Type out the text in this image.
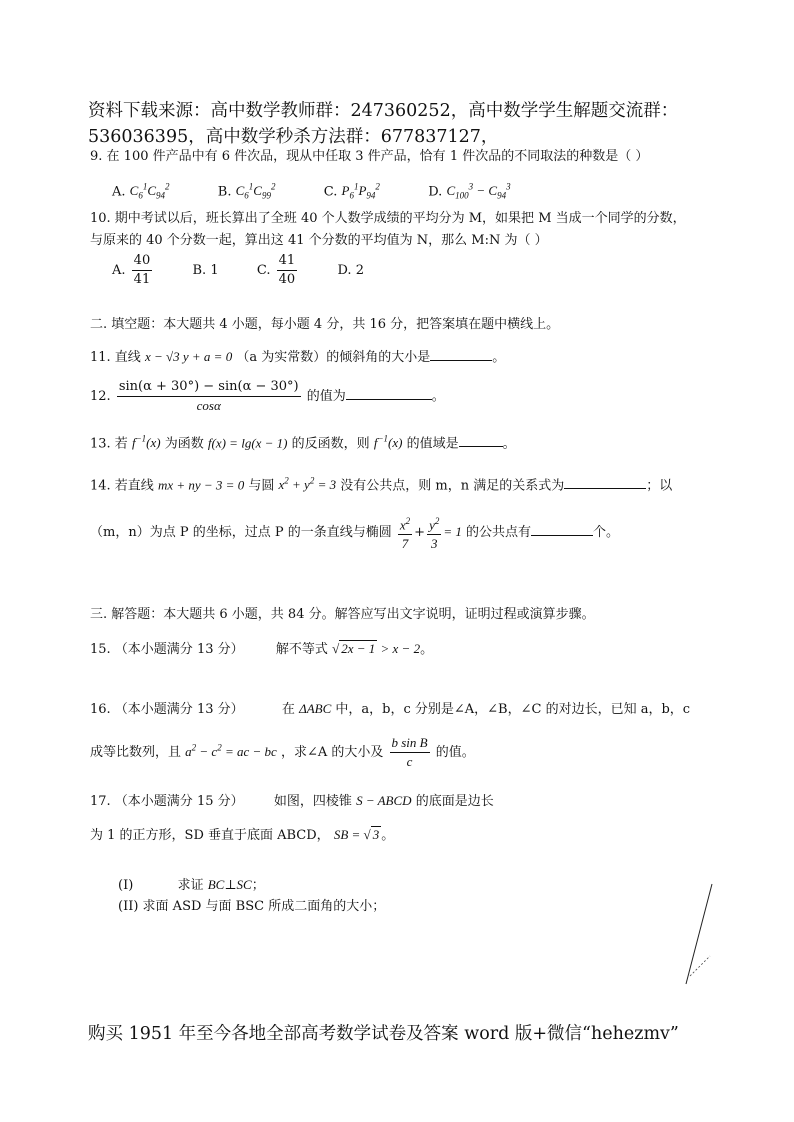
资料下载来源：高中数学教师群：247360252，高中数学学生解题交流群：
536036395，高中数学秒杀方法群：677837127，
9. 在 100 件产品中有 6 件次品，现从中任取 3 件产品，恰有 1 件次品的不同取法的种数是（ ）
A. $C_6^1C_{94}^2$	B. $C_6^1C_{99}^2$	C. $P_6^1P_{94}^2$	D. $C_{100}^3 - C_{94}^3$
10. 期中考试以后，班长算出了全班 40 个人数学成绩的平均分为 M，如果把 M 当成一个同学的分数，
与原来的 40 个分数一起，算出这 41 个分数的平均值为 N，那么 M:N 为（ ）
A. $\frac{40}{41}$	B. 1	C. $\frac{41}{40}$	D. 2
二. 填空题：本大题共 4 小题，每小题 4 分，共 16 分，把答案填在题中横线上。
11. 直线 x − √3 y + a = 0 （a 为实常数）的倾斜角的大小是	。
12. $\frac{\sin(\alpha + 30^\circ) - \sin(\alpha - 30^\circ)}{\cos\alpha}$ 的值为	。
13. 若 $f^{-1}(x)$ 为函数 f(x) = lg(x − 1) 的反函数，则 $f^{-1}(x)$ 的值域是	。
14. 若直线 mx + ny − 3 = 0 与圆 $x^2 + y^2 = 3$ 没有公共点，则 m，n 满足的关系式为	；以
（m，n）为点 P 的坐标，过点 P 的一条直线与椭圆 $\frac{x^2}{7} + \frac{y^2}{3} = 1$ 的公共点有	个。
三. 解答题：本大题共 6 小题，共 84 分。解答应写出文字说明，证明过程或演算步骤。
15. （本小题满分 13 分） 解不等式 √ 2x − 1 > x − 2。
16. （本小题满分 13 分）	在 ΔABC 中，a，b，c 分别是∠A，∠B，∠C 的对边长，已知 a，b，c
成等比数列，且 $a^2 - c^2$ = ac − bc ，求∠A 的大小及 $\frac{\text{b sin B}}{c}$ 的值。
17. （本小题满分 15 分） 如图，四棱锥 S − ABCD 的底面是边长
为 1 的正方形，SD 垂直于底面 ABCD， SB = √ 3 。
(I)	求证 BC⊥SC；
(II) 求面 ASD 与面 BSC 所成二面角的大小；
购买 1951 年至今各地全部高考数学试卷及答案 word 版+微信“hehezmv”
